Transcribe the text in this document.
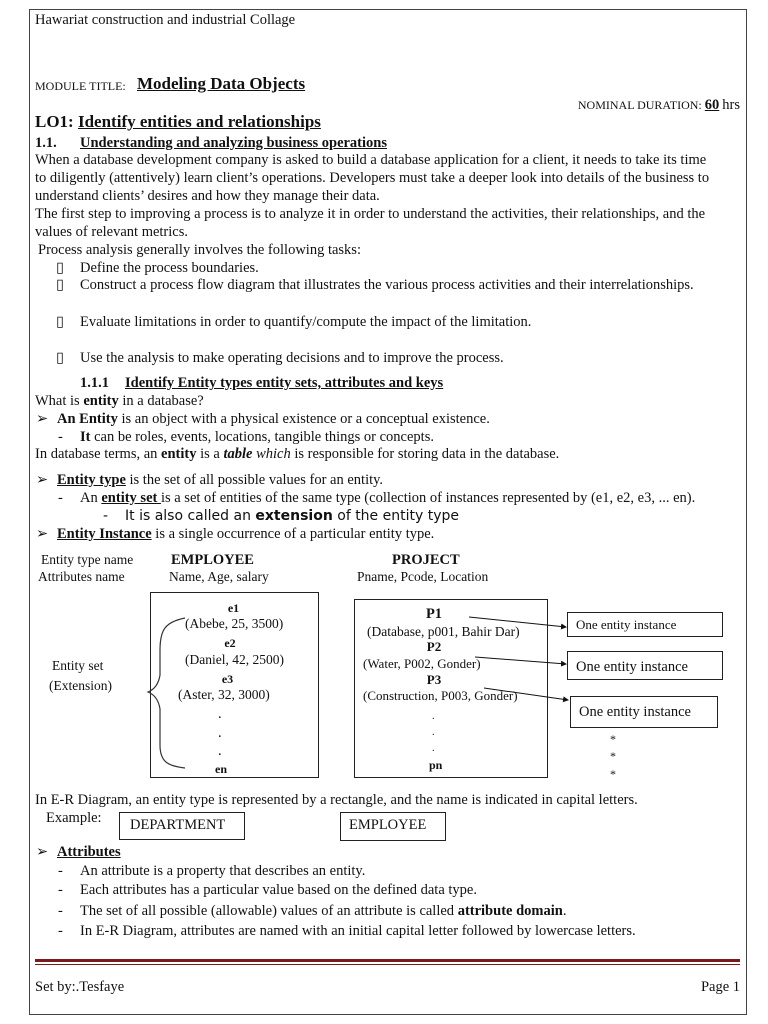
Hawariat construction and industrial Collage
MODULE TITLE: Modeling Data Objects
NOMINAL DURATION: 60 hrs
LO1: Identify entities and relationships
1.1. Understanding and analyzing business operations
When a database development company is asked to build a database application for a client, it needs to take its time
to diligently (attentively) learn client’s operations. Developers must take a deeper look into details of the business to
understand clients’ desires and how they manage their data.
The first step to improving a process is to analyze it in order to understand the activities, their relationships, and the
values of relevant metrics.
Process analysis generally involves the following tasks:
▯ Define the process boundaries.
▯ Construct a process flow diagram that illustrates the various process activities and their interrelationships.
▯ Evaluate limitations in order to quantify/compute the impact of the limitation.
▯ Use the analysis to make operating decisions and to improve the process.
1.1.1 Identify Entity types entity sets, attributes and keys
What is entity in a database?
➢ An Entity is an object with a physical existence or a conceptual existence.
- It can be roles, events, locations, tangible things or concepts.
In database terms, an entity is a table which is responsible for storing data in the database.
➢ Entity type is the set of all possible values for an entity.
- An entity set is a set of entities of the same type (collection of instances represented by (e1, e2, e3, ... en).
- It is also called an extension of the entity type
➢ Entity Instance is a single occurrence of a particular entity type.
Entity type name
Attributes name
EMPLOYEE
Name, Age, salary
PROJECT
Pname, Pcode, Location
Entity set
(Extension)
e1
(Abebe, 25, 3500)
e2
(Daniel, 42, 2500)
e3
(Aster, 32, 3000)
.
.
.
en
P1
(Database, p001, Bahir Dar)
P2
(Water, P002, Gonder)
P3
(Construction, P003, Gonder)
.
.
.
pn
One entity instance
One entity instance
One entity instance
*
*
*
In E-R Diagram, an entity type is represented by a rectangle, and the name is indicated in capital letters.
Example: DEPARTMENT	EMPLOYEE
➢ Attributes
- An attribute is a property that describes an entity.
- Each attributes has a particular value based on the defined data type.
- The set of all possible (allowable) values of an attribute is called attribute domain.
- In E-R Diagram, attributes are named with an initial capital letter followed by lowercase letters.
Set by:.Tesfaye	Page 1
